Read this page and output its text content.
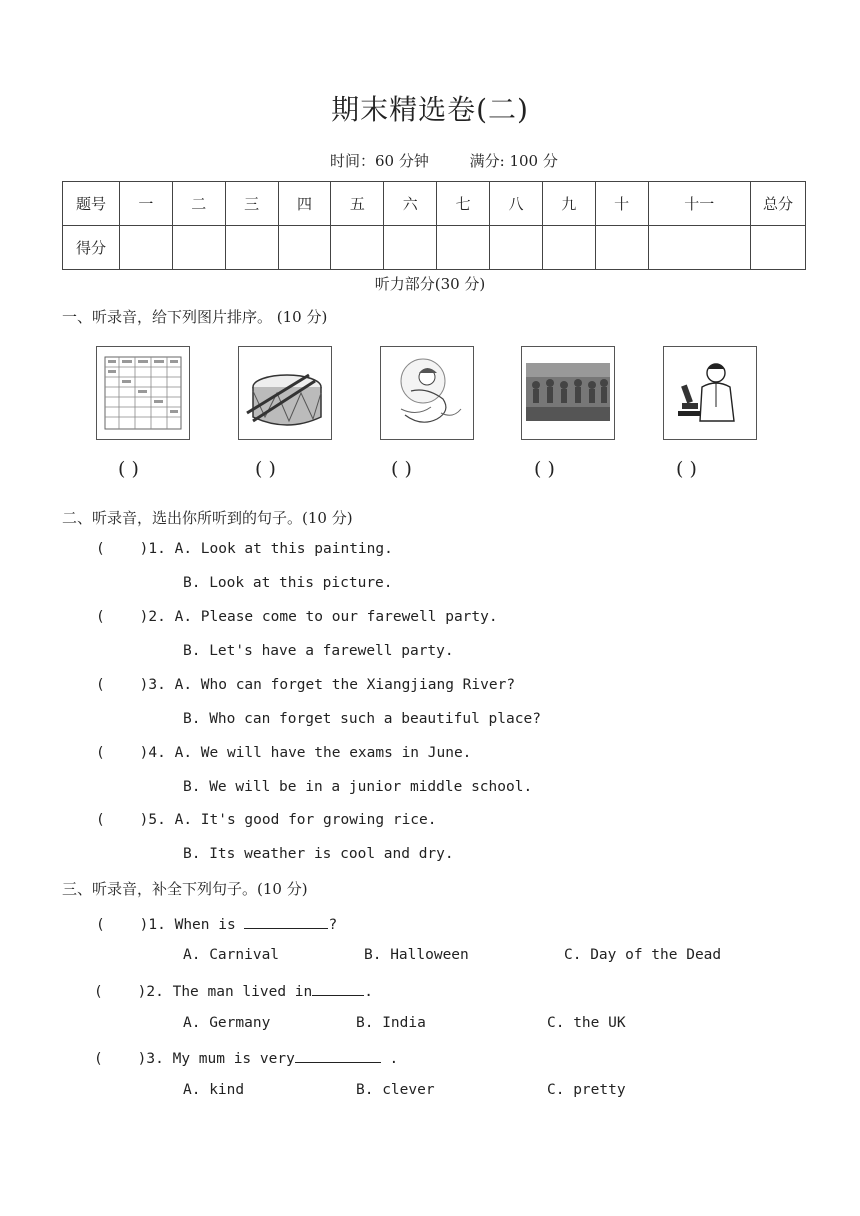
期末精选卷(二)
时间：60 分钟	满分: 100 分
题号	一	二	三	四	五	六	七	八	九	十	十一	总分
得分												
听力部分(30 分)
一、听录音，给下列图片排序。 (10 分)
( )	( )	( )	( )	( )
二、听录音，选出你所听到的句子。(10 分)
(    )1. A. Look at this painting.
B. Look at this picture.
(    )2. A. Please come to our farewell party.
B. Let's have a farewell party.
(    )3. A. Who can forget the Xiangjiang River?
B. Who can forget such a beautiful place?
(    )4. A. We will have the exams in June.
B. We will be in a junior middle school.
(    )5. A. It's good for growing rice.
B. Its weather is cool and dry.
三、听录音，补全下列句子。(10 分)
(    )1. When is	?
A. Carnival	B. Halloween	C. Day of the Dead
(    )2. The man lived in	.
A. Germany	B. India	C. the UK
(    )3. My mum is very	.
A. kind	B. clever	C. pretty
